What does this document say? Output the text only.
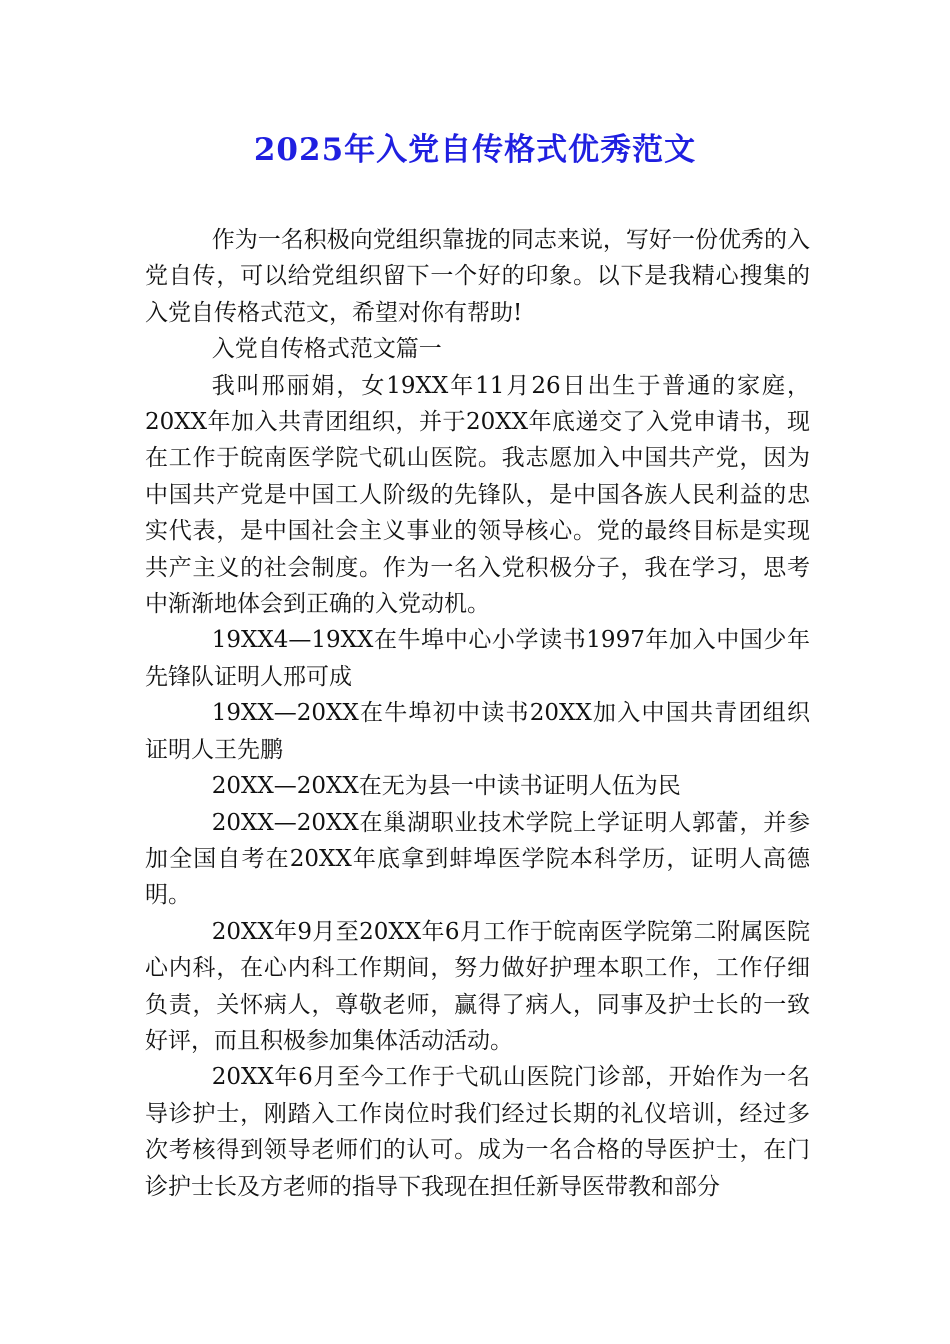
2025年入党自传格式优秀范文

作为一名积极向党组织靠拢的同志来说，写好一份优秀的入党自传，可以给党组织留下一个好的印象。以下是我精心搜集的入党自传格式范文，希望对你有帮助!

入党自传格式范文篇一

我叫邢丽娟，女19XX年11月26日出生于普通的家庭，20XX年加入共青团组织，并于20XX年底递交了入党申请书，现在工作于皖南医学院弋矶山医院。我志愿加入中国共产党，因为中国共产党是中国工人阶级的先锋队，是中国各族人民利益的忠实代表，是中国社会主义事业的领导核心。党的最终目标是实现共产主义的社会制度。作为一名入党积极分子，我在学习，思考中渐渐地体会到正确的入党动机。

19XX4—19XX在牛埠中心小学读书1997年加入中国少年先锋队证明人邢可成

19XX—20XX在牛埠初中读书20XX加入中国共青团组织证明人王先鹏

20XX—20XX在无为县一中读书证明人伍为民

20XX—20XX在巢湖职业技术学院上学证明人郭蕾，并参加全国自考在20XX年底拿到蚌埠医学院本科学历，证明人高德明。

20XX年9月至20XX年6月工作于皖南医学院第二附属医院心内科，在心内科工作期间，努力做好护理本职工作，工作仔细负责，关怀病人，尊敬老师，赢得了病人，同事及护士长的一致好评，而且积极参加集体活动活动。

20XX年6月至今工作于弋矶山医院门诊部，开始作为一名导诊护士，刚踏入工作岗位时我们经过长期的礼仪培训，经过多次考核得到领导老师们的认可。成为一名合格的导医护士，在门诊护士长及方老师的指导下我现在担任新导医带教和部分
